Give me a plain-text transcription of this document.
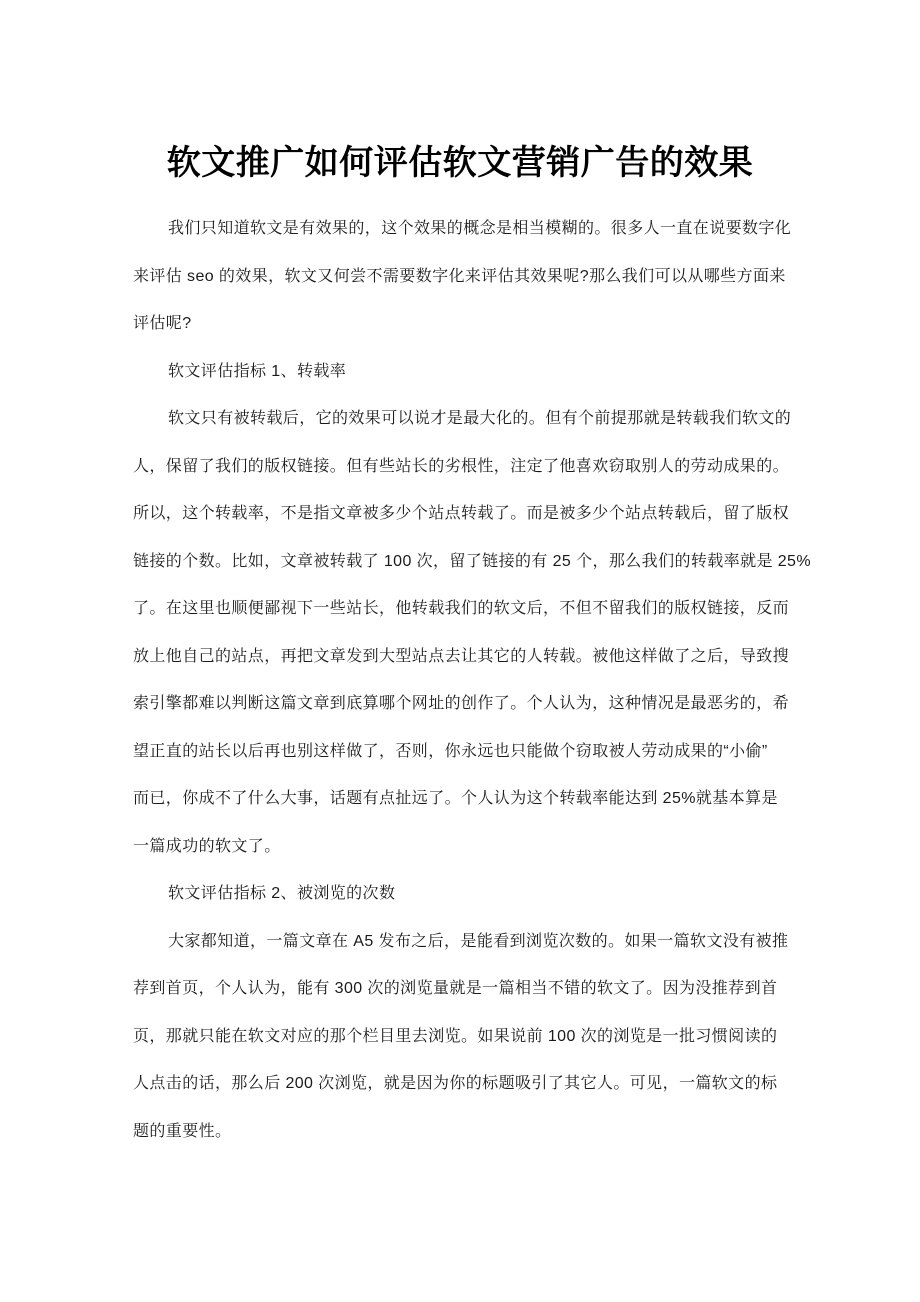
软文推广如何评估软文营销广告的效果
我们只知道软文是有效果的，这个效果的概念是相当模糊的。很多人一直在说要数字化
来评估 seo 的效果，软文又何尝不需要数字化来评估其效果呢?那么我们可以从哪些方面来
评估呢?
软文评估指标 1、转载率
软文只有被转载后，它的效果可以说才是最大化的。但有个前提那就是转载我们软文的
人，保留了我们的版权链接。但有些站长的劣根性，注定了他喜欢窃取别人的劳动成果的。
所以，这个转载率，不是指文章被多少个站点转载了。而是被多少个站点转载后，留了版权
链接的个数。比如，文章被转载了 100 次，留了链接的有 25 个，那么我们的转载率就是 25%
了。在这里也顺便鄙视下一些站长，他转载我们的软文后，不但不留我们的版权链接，反而
放上他自己的站点，再把文章发到大型站点去让其它的人转载。被他这样做了之后，导致搜
索引擎都难以判断这篇文章到底算哪个网址的创作了。个人认为，这种情况是最恶劣的，希
望正直的站长以后再也别这样做了，否则，你永远也只能做个窃取被人劳动成果的“小偷”
而已，你成不了什么大事，话题有点扯远了。个人认为这个转载率能达到 25%就基本算是
一篇成功的软文了。
软文评估指标 2、被浏览的次数
大家都知道，一篇文章在 A5 发布之后，是能看到浏览次数的。如果一篇软文没有被推
荐到首页，个人认为，能有 300 次的浏览量就是一篇相当不错的软文了。因为没推荐到首
页，那就只能在软文对应的那个栏目里去浏览。如果说前 100 次的浏览是一批习惯阅读的
人点击的话，那么后 200 次浏览，就是因为你的标题吸引了其它人。可见，一篇软文的标
题的重要性。
